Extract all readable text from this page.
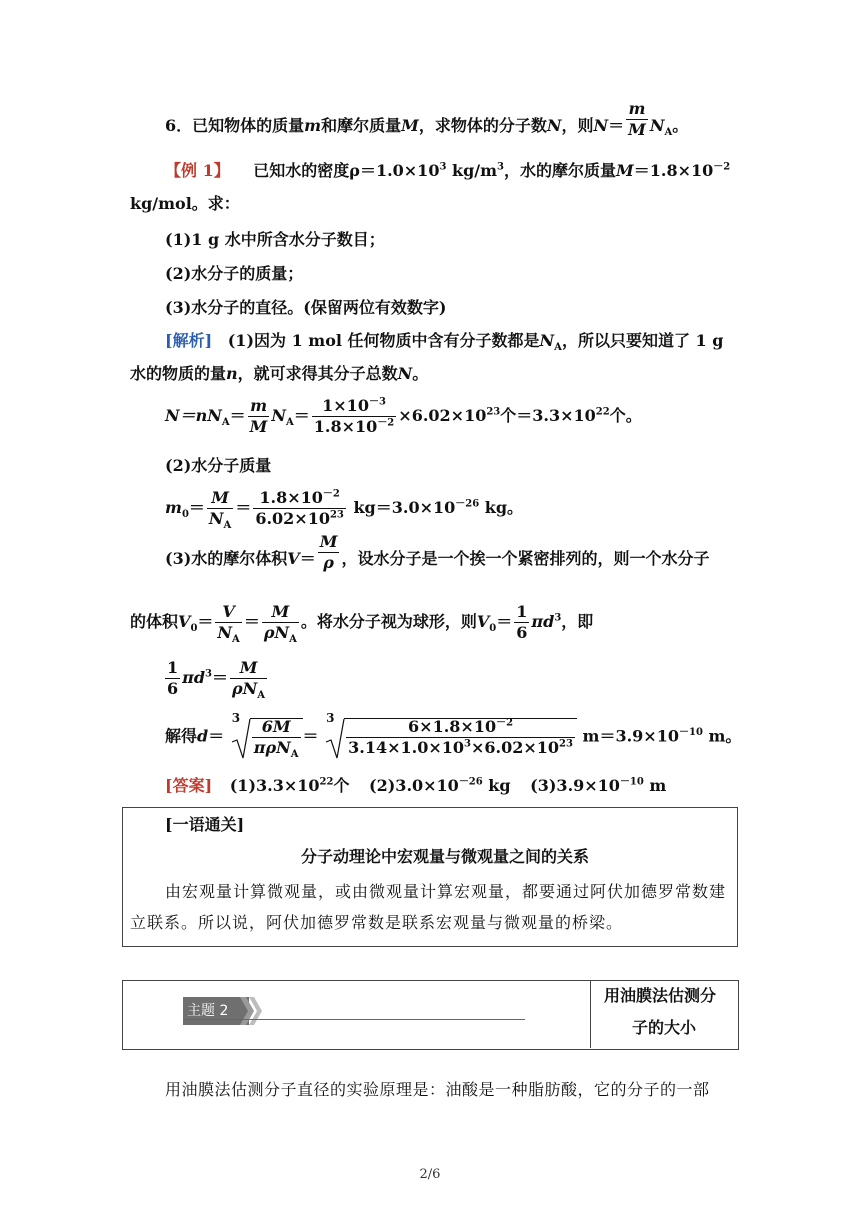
6．已知物体的质量m和摩尔质量M，求物体的分子数N，则$N= \frac{m}{M} N_A$。
【例 1】 已知水的密度$\rho=1.0\times 10^3$ $kg/m^3$，水的摩尔质量$M=1.8\times 10^{-2}$
kg/mol。求：
(1)1 g 水中所含水分子数目；
(2)水分子的质量；
(3)水分子的直径。(保留两位有效数字)
[解析] (1)因为 1 mol 任何物质中含有分子数都是$N_A$，所以只要知道了 1 g
水的物质的量n，就可求得其分子总数N。
$N=nN_A= \frac{m}{M} N_A= \frac{1\times 10^{-3}}{1.8\times 10^{-2}} \times 6.02\times 10^{23}$个$=3.3\times 10^{22}$个。
(2)水分子质量
$m_0= \frac{M}{N_A} = \frac{1.8\times 10^{-2}}{6.02\times 10^{23}} kg=3.0\times 10^{-26}$ kg。
(3)水的摩尔体积$V= \frac{M}{\rho}$ ，设水分子是一个挨一个紧密排列的，则一个水分子
的体积$V_0= \frac{V}{N_A} = \frac{M}{\rho N_A}$ 。将水分子视为球形，则$V_0= \frac{1}{6} \pi d^3$，即
$\frac{1}{6} \pi d^3= \frac{M}{\rho N_A}$
解得d＝
3
$\frac{6M}{\pi\rho N_A}$ ＝
3
$\frac{6\times 1.8\times 10^{-2}}{3.14\times 1.0\times 10^3\times 6.02\times 10^{23}} m=3.9\times 10^{-10}$ m。
[答案] $(1)3.3\times 10^{22}$个 $(2)3.0\times 10^{-26}$ kg $(3)3.9\times 10^{-10}$ m
[一语通关]
分子动理论中宏观量与微观量之间的关系
由宏观量计算微观量，或由微观量计算宏观量，都要通过阿伏加德罗常数建
立联系。所以说，阿伏加德罗常数是联系宏观量与微观量的桥梁。
主题 2
用油膜法估测分
子的大小
用油膜法估测分子直径的实验原理是：油酸是一种脂肪酸，它的分子的一部
2/6
